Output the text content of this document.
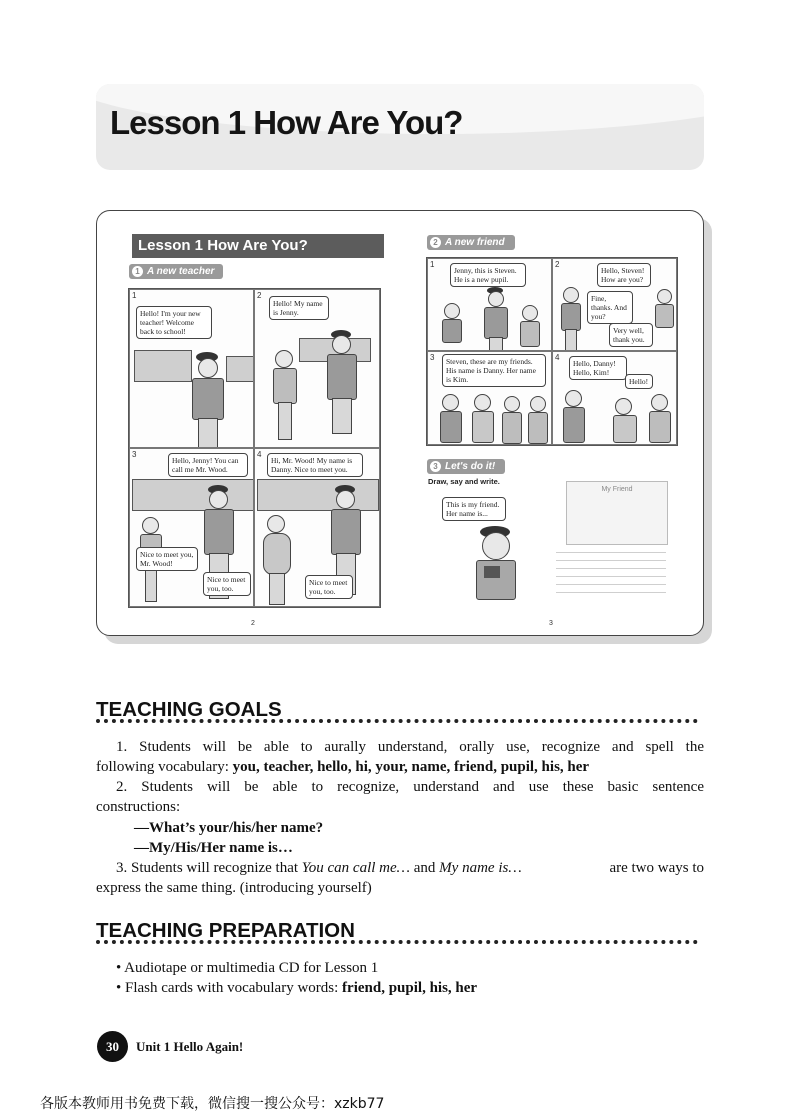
Lesson 1 How Are You?
Lesson 1 How Are You?
1 A new teacher
1
Hello! I'm your new teacher! Welcome back to school!
2
Hello! My name is Jenny.
3
Hello, Jenny! You can call me Mr. Wood.
Nice to meet you, Mr. Wood!
4
Hi, Mr. Wood! My name is Danny. Nice to meet you.
Nice to meet you, too.
Nice to meet you, too.
2
2 A new friend
1
Jenny, this is Steven. He is a new pupil.
2
Hello, Steven! How are you?
Fine, thanks. And you?
Very well, thank you.
3	Steven, these are my friends. His name is Danny. Her name is Kim.
4
Hello, Danny! Hello, Kim!
Hello!
3 Let's do it!
Draw, say and write.
This is my friend. Her name is...
My Friend
3
TEACHING GOALS
1. Students will be able to aurally understand, orally use, recognize and spell the
following vocabulary: you, teacher, hello, hi, your, name, friend, pupil, his, her
2. Students will be able to recognize, understand and use these basic sentence
constructions:
—What’s your/his/her name?
—My/His/Her name is…
3. Students will recognize that You can call me… and My name is…	are two ways to
express the same thing. (introducing yourself)
TEACHING PREPARATION
• Audiotape or multimedia CD for Lesson 1
• Flash cards with vocabulary words: friend, pupil, his, her
30	Unit 1 Hello Again!
各版本教师用书免费下载，微信搜一搜公众号：xzkb77
